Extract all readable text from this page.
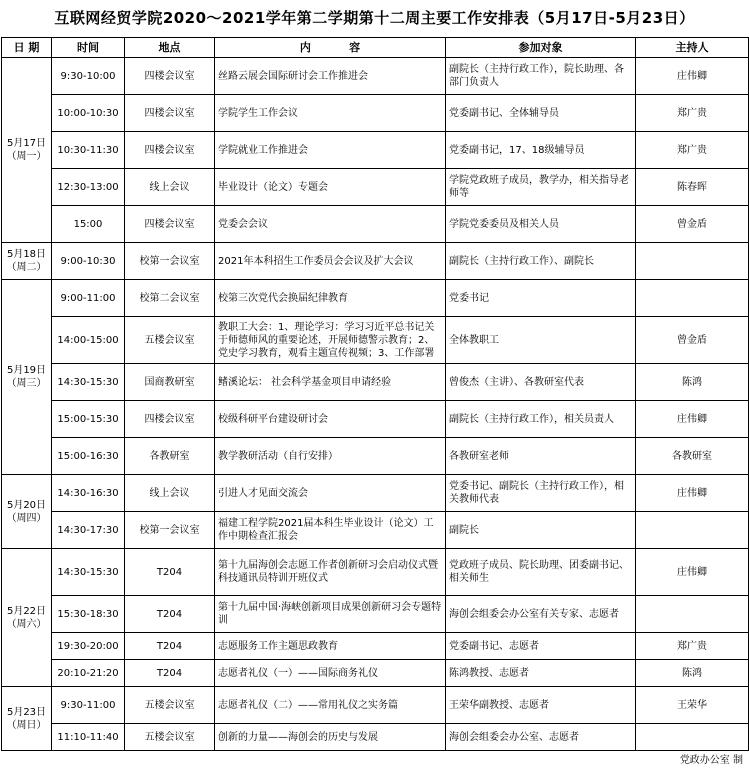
互联网经贸学院2020～2021学年第二学期第十二周主要工作安排表（5月17日-5月23日）
日 期	时间	地点	内          容	参加对象	主持人
5月17日
（周一）	9:30-10:00	四楼会议室	丝路云展会国际研讨会工作推进会	副院长（主持行政工作），院长助理、各部门负责人	庄伟卿
	10:00-10:30	四楼会议室	学院学生工作会议	党委副书记、全体辅导员	郑广贵
	10:30-11:30	四楼会议室	学院就业工作推进会	党委副书记，17、18级辅导员	郑广贵
	12:30-13:00	线上会议	毕业设计（论文）专题会	学院党政班子成员，教学办，相关指导老师等	陈春晖
	15:00	四楼会议室	党委会会议	学院党委委员及相关人员	曾金盾
5月18日
（周二）	9:00-10:30	校第一会议室	2021年本科招生工作委员会会议及扩大会议	副院长（主持行政工作）、副院长	
5月19日
（周三）	9:00-11:00	校第二会议室	校第三次党代会换届纪律教育	党委书记	
	14:00-15:00	五楼会议室	教职工大会：1、理论学习：学习习近平总书记关于师德师风的重要论述，开展师德警示教育；2、党史学习教育，观看主题宣传视频；3、工作部署	全体教职工	曾金盾
	14:30-15:30	国商教研室	鳍溪论坛： 社会科学基金项目申请经验	曾俊杰（主讲）、各教研室代表	陈鸿
	15:00-15:30	四楼会议室	校级科研平台建设研讨会	副院长（主持行政工作），相关员责人	庄伟卿
	15:00-16:30	各教研室	教学教研活动（自行安排）	各教研室老师	各教研室
5月20日
（周四）	14:30-16:30	线上会议	引进人才见面交流会	党委书记、副院长（主持行政工作），相关教师代表	庄伟卿
	14:30-17:30	校第一会议室	福建工程学院2021届本科生毕业设计（论文）工作中期检查汇报会	副院长	
5月22日
（周六）	14:30-15:30	T204	第十九届海创会志愿工作者创新研习会启动仪式暨科技通讯员特训开班仪式	党政班子成员、院长助理、团委副书记、相关师生	庄伟卿
	15:30-18:30	T204	第十九届中国·海峡创新项目成果创新研习会专题特训	海创会组委会办公室有关专家、志愿者	
	19:30-20:00	T204	志愿服务工作主题思政教育	党委副书记、志愿者	郑广贵
	20:10-21:20	T204	志愿者礼仪（一）——国际商务礼仪	陈鸿教授、志愿者	陈鸿
5月23日
（周日）	9:30-11:00	五楼会议室	志愿者礼仪（二）——常用礼仪之实务篇	王荣华副教授、志愿者	王荣华
	11:10-11:40	五楼会议室	创新的力量——海创会的历史与发展	海创会组委会办公室、志愿者	
党政办公室 制
